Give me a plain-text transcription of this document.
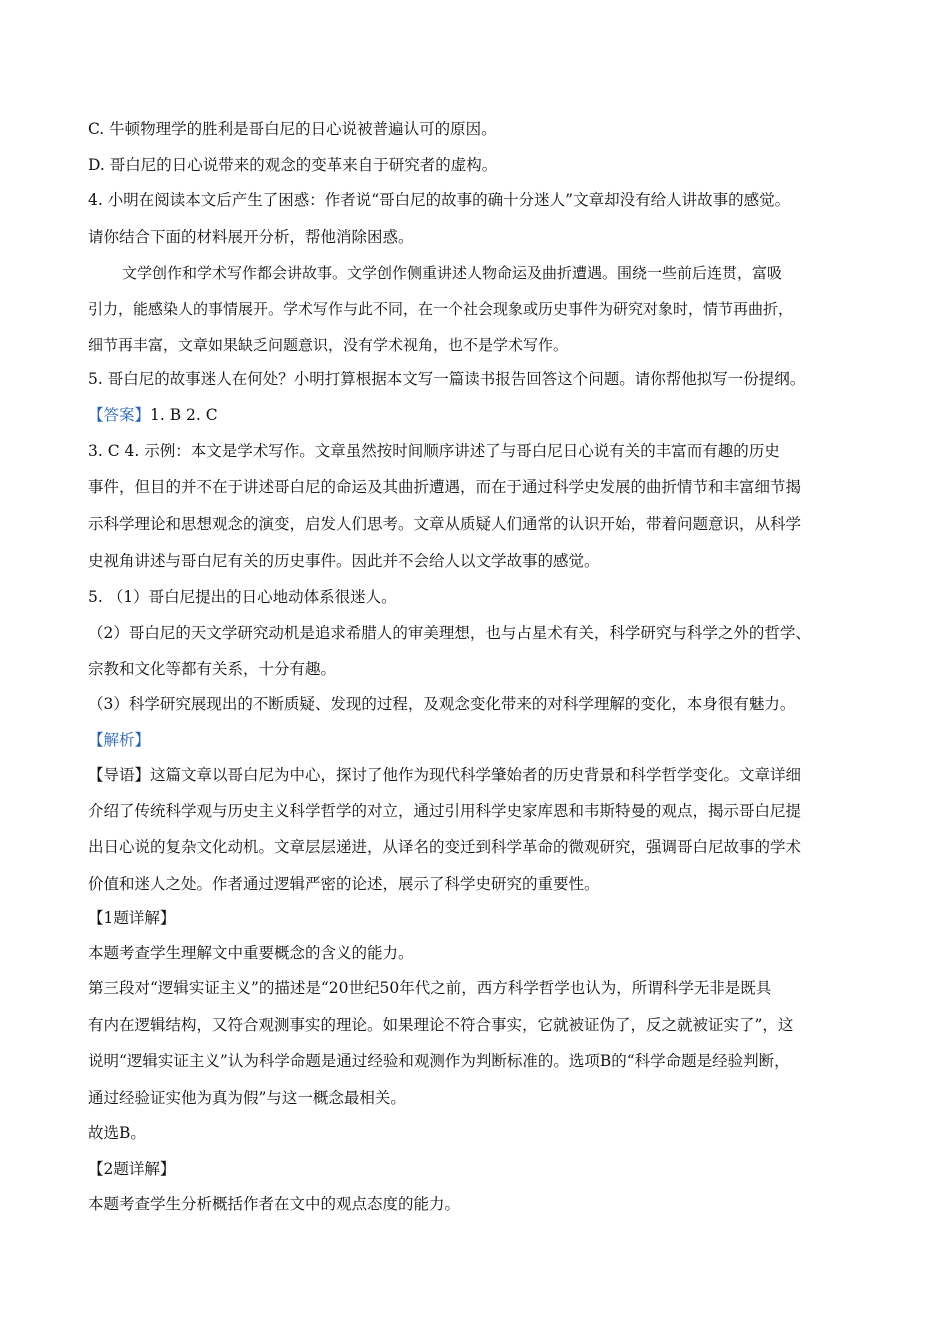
C. 牛顿物理学的胜利是哥白尼的日心说被普遍认可的原因。
D. 哥白尼的日心说带来的观念的变革来自于研究者的虚构。
4. 小明在阅读本文后产生了困惑：作者说“哥白尼的故事的确十分迷人”文章却没有给人讲故事的感觉。
请你结合下面的材料展开分析，帮他消除困惑。
文学创作和学术写作都会讲故事。文学创作侧重讲述人物命运及曲折遭遇。围绕一些前后连贯，富吸
引力，能感染人的事情展开。学术写作与此不同，在一个社会现象或历史事件为研究对象时，情节再曲折，
细节再丰富，文章如果缺乏问题意识，没有学术视角，也不是学术写作。
5. 哥白尼的故事迷人在何处？小明打算根据本文写一篇读书报告回答这个问题。请你帮他拟写一份提纲。
【答案】1. B 2. C
3. C 4. 示例：本文是学术写作。文章虽然按时间顺序讲述了与哥白尼日心说有关的丰富而有趣的历史
事件，但目的并不在于讲述哥白尼的命运及其曲折遭遇，而在于通过科学史发展的曲折情节和丰富细节揭
示科学理论和思想观念的演变，启发人们思考。文章从质疑人们通常的认识开始，带着问题意识，从科学
史视角讲述与哥白尼有关的历史事件。因此并不会给人以文学故事的感觉。
5. （1）哥白尼提出的日心地动体系很迷人。
（2）哥白尼的天文学研究动机是追求希腊人的审美理想，也与占星术有关，科学研究与科学之外的哲学、
宗教和文化等都有关系，十分有趣。
（3）科学研究展现出的不断质疑、发现的过程，及观念变化带来的对科学理解的变化，本身很有魅力。
【解析】
【导语】这篇文章以哥白尼为中心，探讨了他作为现代科学肇始者的历史背景和科学哲学变化。文章详细
介绍了传统科学观与历史主义科学哲学的对立，通过引用科学史家库恩和韦斯特曼的观点，揭示哥白尼提
出日心说的复杂文化动机。文章层层递进，从译名的变迁到科学革命的微观研究，强调哥白尼故事的学术
价值和迷人之处。作者通过逻辑严密的论述，展示了科学史研究的重要性。
【1题详解】
本题考查学生理解文中重要概念的含义的能力。
第三段对“逻辑实证主义”的描述是“20世纪50年代之前，西方科学哲学也认为，所谓科学无非是既具
有内在逻辑结构，又符合观测事实的理论。如果理论不符合事实，它就被证伪了，反之就被证实了”，这
说明“逻辑实证主义”认为科学命题是通过经验和观测作为判断标准的。选项B的“科学命题是经验判断，
通过经验证实他为真为假”与这一概念最相关。
故选B。
【2题详解】
本题考查学生分析概括作者在文中的观点态度的能力。
